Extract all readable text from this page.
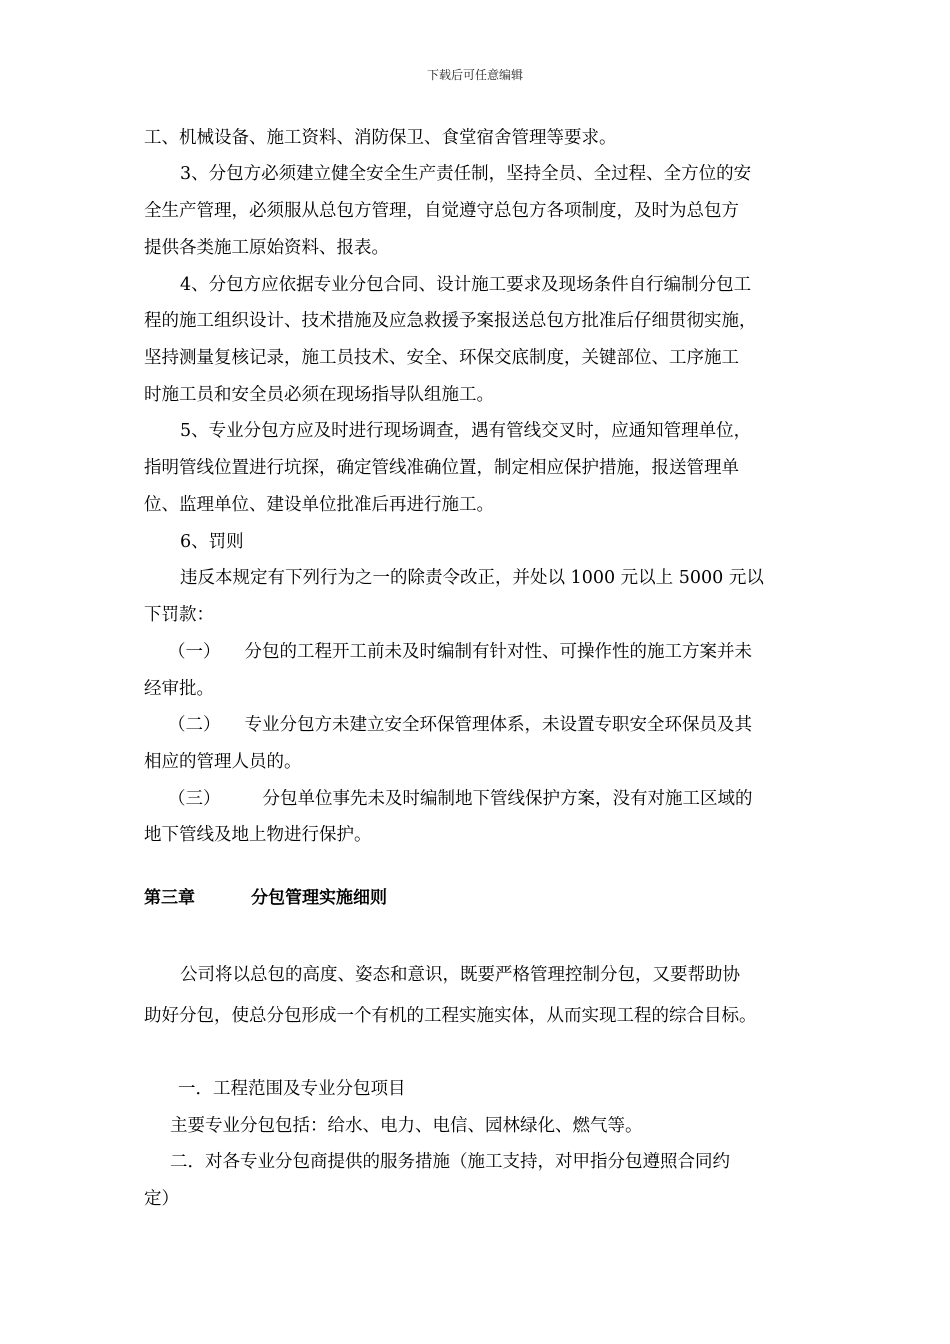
下载后可任意编辑
工、机械设备、施工资料、消防保卫、食堂宿舍管理等要求。
3、分包方必须建立健全安全生产责任制，坚持全员、全过程、全方位的安
全生产管理，必须服从总包方管理，自觉遵守总包方各项制度，及时为总包方
提供各类施工原始资料、报表。
4、分包方应依据专业分包合同、设计施工要求及现场条件自行编制分包工
程的施工组织设计、技术措施及应急救援予案报送总包方批准后仔细贯彻实施，
坚持测量复核记录，施工员技术、安全、环保交底制度，关键部位、工序施工
时施工员和安全员必须在现场指导队组施工。
5、专业分包方应及时进行现场调查，遇有管线交叉时，应通知管理单位，
指明管线位置进行坑探，确定管线准确位置，制定相应保护措施，报送管理单
位、监理单位、建设单位批准后再进行施工。
6、罚则
违反本规定有下列行为之一的除责令改正，并处以 1000 元以上 5000 元以
下罚款：
（一） 分包的工程开工前未及时编制有针对性、可操作性的施工方案并未
经审批。
（二） 专业分包方未建立安全环保管理体系，未设置专职安全环保员及其
相应的管理人员的。
（三） 分包单位事先未及时编制地下管线保护方案，没有对施工区域的
地下管线及地上物进行保护。
第三章	分包管理实施细则
公司将以总包的高度、姿态和意识，既要严格管理控制分包，又要帮助协
助好分包，使总分包形成一个有机的工程实施实体，从而实现工程的综合目标。
一．工程范围及专业分包项目
主要专业分包包括：给水、电力、电信、园林绿化、燃气等。
二．对各专业分包商提供的服务措施（施工支持，对甲指分包遵照合同约
定）
